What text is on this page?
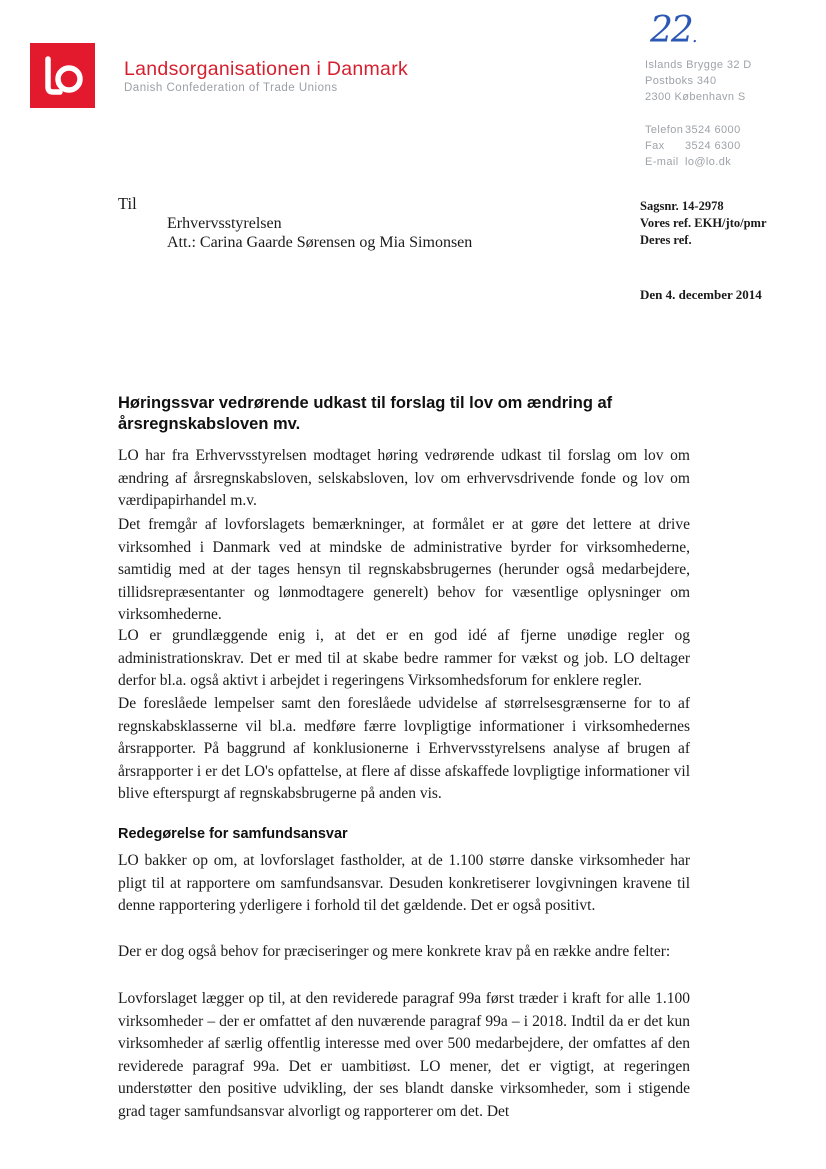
Landsorganisationen i Danmark
Danish Confederation of Trade Unions
22.
Islands Brygge 32 D
Postboks 340
2300 København S
Telefon 3524 6000
Fax	3524 6300
E-mail lo@lo.dk
Til
Erhvervsstyrelsen
Att.: Carina Gaarde Sørensen og Mia Simonsen
Sagsnr. 14-2978
Vores ref. EKH/jto/pmr
Deres ref.
Den 4. december 2014
Høringssvar vedrørende udkast til forslag til lov om ændring af årsregnskabsloven mv.
LO har fra Erhvervsstyrelsen modtaget høring vedrørende udkast til forslag om lov om ændring af årsregnskabsloven, selskabsloven, lov om erhvervsdrivende fonde og lov om værdipapirhandel m.v.
Det fremgår af lovforslagets bemærkninger, at formålet er at gøre det lettere at drive virksomhed i Danmark ved at mindske de administrative byrder for virksomhederne, samtidig med at der tages hensyn til regnskabsbrugernes (herunder også medarbejdere, tillidsrepræsentanter og lønmodtagere generelt) behov for væsentlige oplysninger om virksomhederne.
LO er grundlæggende enig i, at det er en god idé af fjerne unødige regler og administrationskrav. Det er med til at skabe bedre rammer for vækst og job. LO deltager derfor bl.a. også aktivt i arbejdet i regeringens Virksomhedsforum for enklere regler.
De foreslåede lempelser samt den foreslåede udvidelse af størrelsesgrænserne for to af regnskabsklasserne vil bl.a. medføre færre lovpligtige informationer i virksomhedernes årsrapporter. På baggrund af konklusionerne i Erhvervsstyrelsens analyse af brugen af årsrapporter i er det LO's opfattelse, at flere af disse afskaffede lovpligtige informationer vil blive efterspurgt af regnskabsbrugerne på anden vis.
Redegørelse for samfundsansvar
LO bakker op om, at lovforslaget fastholder, at de 1.100 større danske virksomheder har pligt til at rapportere om samfundsansvar. Desuden konkretiserer lovgivningen kravene til denne rapportering yderligere i forhold til det gældende. Det er også positivt.
Der er dog også behov for præciseringer og mere konkrete krav på en række andre felter:
Lovforslaget lægger op til, at den reviderede paragraf 99a først træder i kraft for alle 1.100 virksomheder – der er omfattet af den nuværende paragraf 99a – i 2018. Indtil da er det kun virksomheder af særlig offentlig interesse med over 500 medarbejdere, der omfattes af den reviderede paragraf 99a. Det er uambitiøst. LO mener, det er vigtigt, at regeringen understøtter den positive udvikling, der ses blandt danske virksomheder, som i stigende grad tager samfundsansvar alvorligt og rapporterer om det. Det
